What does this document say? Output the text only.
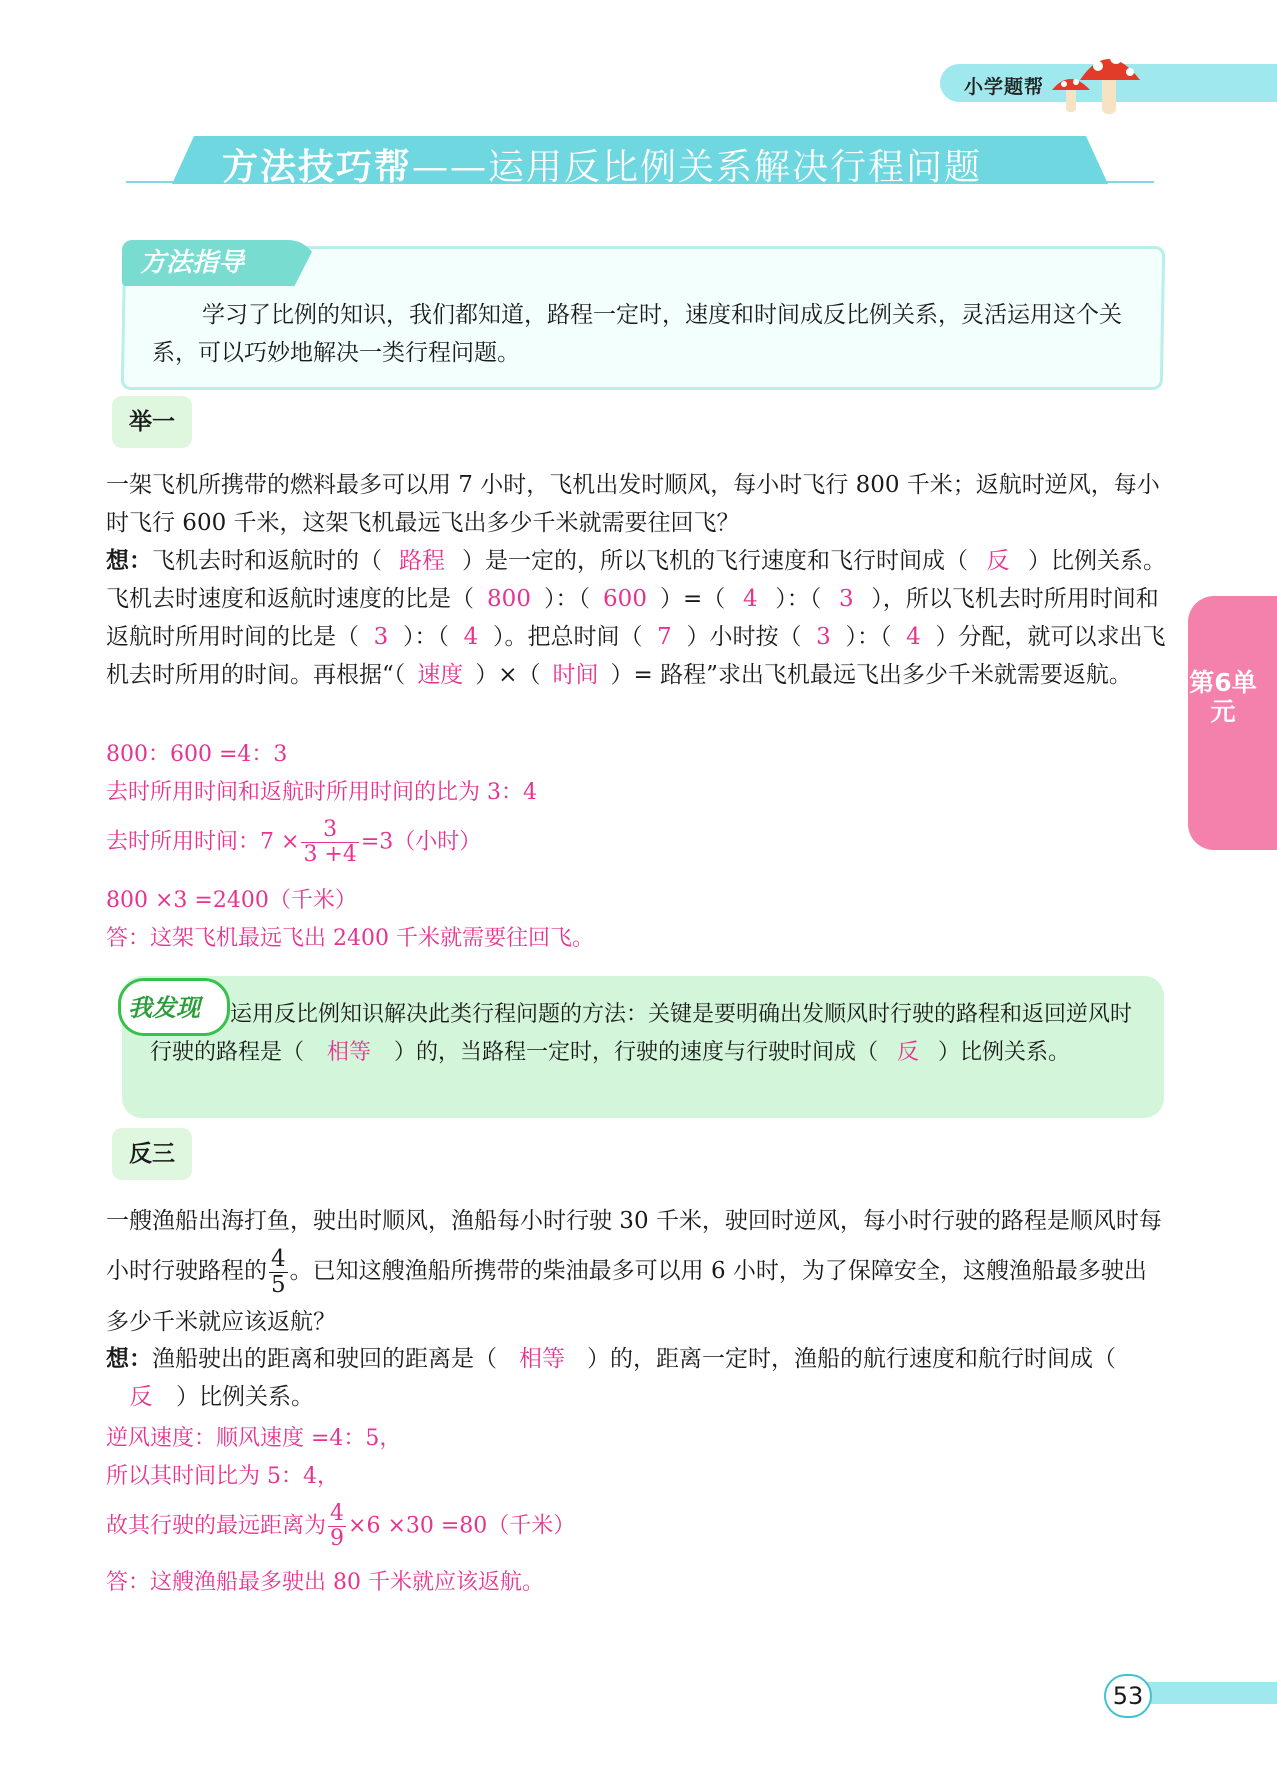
小学题帮
方法技巧帮——运用反比例关系解决行程问题
方法指导
学习了比例的知识，我们都知道，路程一定时，速度和时间成反比例关系，灵活运用这个关系，可以巧妙地解决一类行程问题。
举一
一架飞机所携带的燃料最多可以用 7 小时，飞机出发时顺风，每小时飞行 800 千米；返航时逆风，每小时飞行 600 千米，这架飞机最远飞出多少千米就需要往回飞？
想：飞机去时和返航时的（ 路程 ）是一定的，所以飞机的飞行速度和飞行时间成（ 反 ）比例关系。飞机去时速度和返航时速度的比是（ 800 ）：（ 600 ）=（ 4 ）：（ 3 ），所以飞机去时所用时间和返航时所用时间的比是（ 3 ）：（ 4 ）。把总时间（ 7 ）小时按（ 3 ）：（ 4 ）分配，就可以求出飞机去时所用的时间。再根据“（ 速度 ）×（ 时间 ）= 路程”求出飞机最远飞出多少千米就需要返航。
800：600 =4：3
去时所用时间和返航时所用时间的比为 3：4
去时所用时间：$7 \times \frac{3}{3 +4} =3$（小时）
800 ×3 =2400（千米）
答：这架飞机最远飞出 2400 千米就需要往回飞。
我发现	运用反比例知识解决此类行程问题的方法：关键是要明确出发顺风时行驶的路程和返回逆风时行驶的路程是（ 相等 ）的，当路程一定时，行驶的速度与行驶时间成（ 反 ）比例关系。
反三
一艘渔船出海打鱼，驶出时顺风，渔船每小时行驶 30 千米，驶回时逆风，每小时行驶的路程是顺风时每小时行驶路程的 $\frac{4}{5}$ 。已知这艘渔船所携带的柴油最多可以用 6 小时，为了保障安全，这艘渔船最多驶出多少千米就应该返航？
想：渔船驶出的距离和驶回的距离是（ 相等 ）的，距离一定时，渔船的航行速度和航行时间成（反 ）比例关系。
逆风速度：顺风速度 =4：5，
所以其时间比为 5：4，
故其行驶的最远距离为 $\frac{4}{9} \times 6 \times 30 =80$（千米）
答：这艘渔船最多驶出 80 千米就应该返航。
第6单元
53
